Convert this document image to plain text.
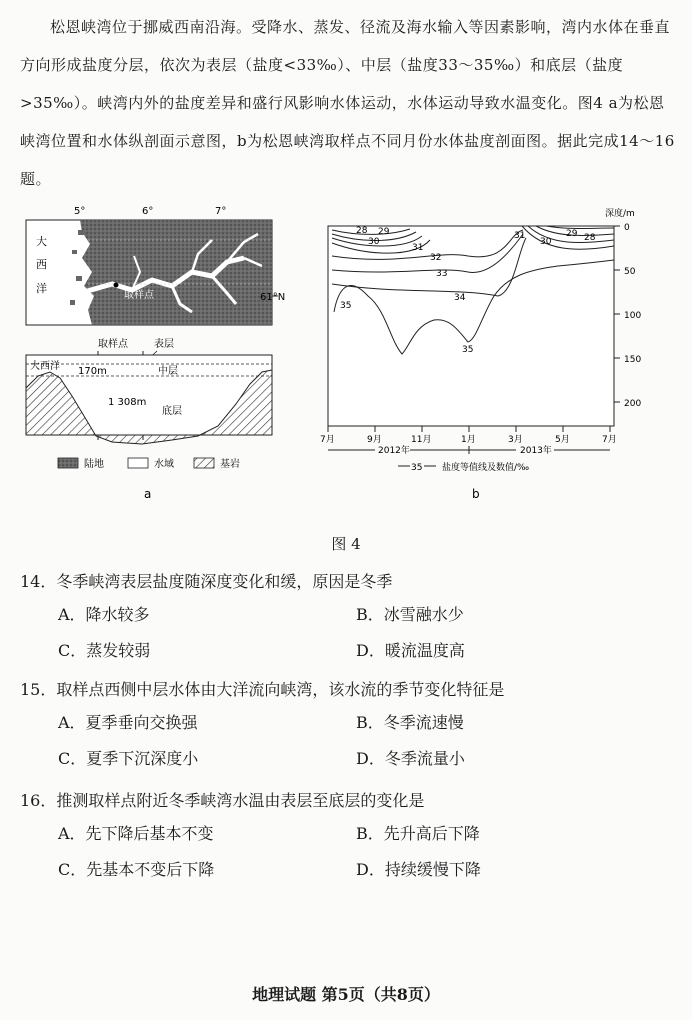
松恩峡湾位于挪威西南沿海。受降水、蒸发、径流及海水输入等因素影响，湾内水体在垂直方向形成盐度分层，依次为表层（盐度<33‰）、中层（盐度33～35‰）和底层（盐度>35‰）。峡湾内外的盐度差异和盛行风影响水体运动，水体运动导致水温变化。图4 a为松恩峡湾位置和水体纵剖面示意图，b为松恩峡湾取样点不同月份水体盐度剖面图。据此完成14～16题。
5°	6°	7°
取样点
大
西
洋
61°N
取样点	表层
大西洋 170m	中层
1 308m
底层
陆地	水域	基岩
a
深度/m
0
50
100
150
200
28 29
30
31
32
33
34
35
35
31
30
29 28
7月	9月	11月	1月	3月	5月	7月
2012年	2013年
35 盐度等值线及数值/‰
b
图 4
14．冬季峡湾表层盐度随深度变化和缓，原因是冬季
A．降水较多	B．冰雪融水少
C．蒸发较弱	D．暖流温度高
15．取样点西侧中层水体由大洋流向峡湾，该水流的季节变化特征是
A．夏季垂向交换强	B．冬季流速慢
C．夏季下沉深度小	D．冬季流量小
16．推测取样点附近冬季峡湾水温由表层至底层的变化是
A．先下降后基本不变	B．先升高后下降
C．先基本不变后下降	D．持续缓慢下降
地理试题 第5页（共8页）
